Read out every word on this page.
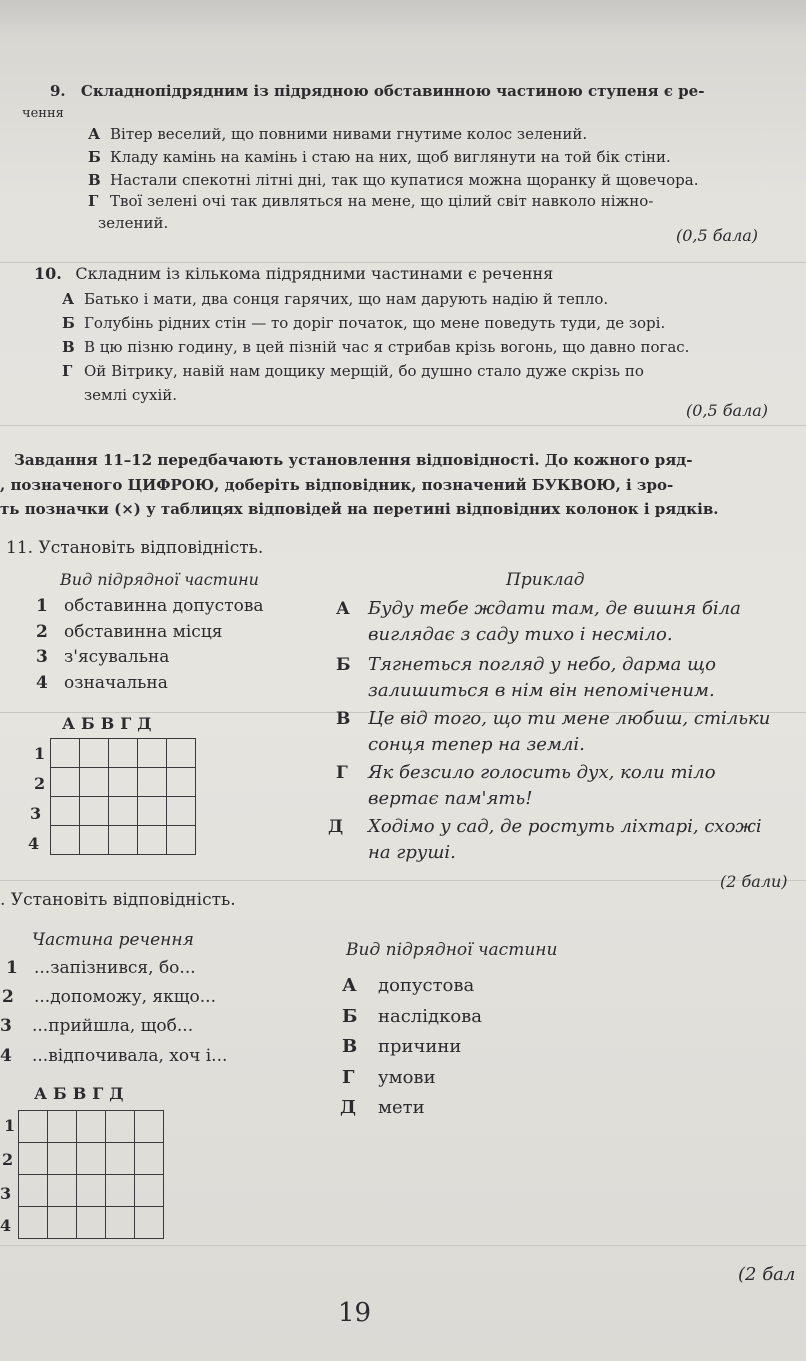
9. Складнопідрядним із підрядною обставинною частиною ступеня є ре-
чення
А Вітер веселий, що повними нивами гнутиме колос зелений.
Б Кладу камінь на камінь і стаю на них, щоб виглянути на той бік стіни.
В Настали спекотні літні дні, так що купатися можна щоранку й щовечора.
Г Твої зелені очі так дивляться на мене, що цілий світ навколо ніжно-
зелений.
(0,5 бала)
10. Складним із кількома підрядними частинами є речення
А Батько і мати, два сонця гарячих, що нам дарують надію й тепло.
Б Голубінь рідних стін — то доріг початок, що мене поведуть туди, де зорі.
В В цю пізню годину, в цей пізній час я стрибав крізь вогонь, що давно погас.
Г Ой Вітрику, навій нам дощику мерщій, бо душно стало дуже скрізь по
землі сухій.
(0,5 бала)
Завдання 11–12 передбачають установлення відповідності. До кожного ряд-
, позначеного ЦИФРОЮ, доберіть відповідник, позначений БУКВОЮ, і зро-
ть позначки (×) у таблицях відповідей на перетині відповідних колонок і рядків.
11. Установіть відповідність.
Вид підрядної частини	Приклад
1 обставинна допустова
2 обставинна місця
3 з'ясувальна
4 означальна
А Буду тебе ждати там, де вишня біла
виглядає з саду тихо і несміло.
Б Тягнеться погляд у небо, дарма що
залишиться в нім він непоміченим.
В Це від того, що ти мене любиш, стільки
сонця тепер на землі.
Г Як безсило голосить дух, коли тіло
вертає пам'ять!
Д Ходімо у сад, де ростуть ліхтарі, схожі
на груші.
(2 бали)
АБВГД
1
2
3
4

. Установіть відповідність.
Частина речення	Вид підрядної частини
1 ...запізнився, бо...
2 ...допоможу, якщо...
3 ...прийшла, щоб...
4 ...відпочивала, хоч і...
А допустова
Б наслідкова
В причини
Г умови
Д мети
АБВГД
1
2
3
4

(2 бал
19
